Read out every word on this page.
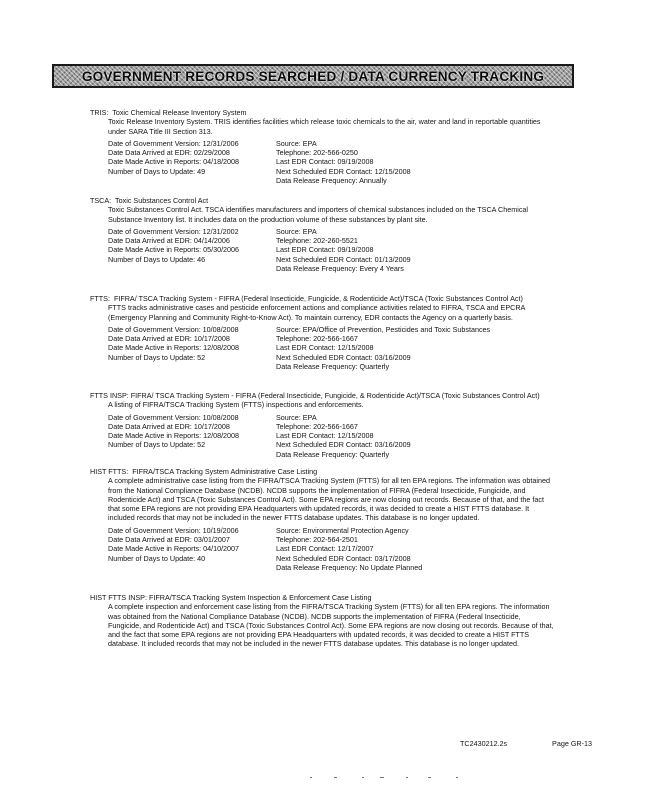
GOVERNMENT RECORDS SEARCHED / DATA CURRENCY TRACKING
TRIS: Toxic Chemical Release Inventory System
Toxic Release Inventory System. TRIS identifies facilities which release toxic chemicals to the air, water and land in reportable quantities under SARA Title III Section 313.
Date of Government Version: 12/31/2006	Source: EPA
Date Data Arrived at EDR: 02/29/2008	Telephone: 202-566-0250
Date Made Active in Reports: 04/18/2008	Last EDR Contact: 09/19/2008
Number of Days to Update: 49	Next Scheduled EDR Contact: 12/15/2008
Data Release Frequency: Annually
TSCA: Toxic Substances Control Act
Toxic Substances Control Act. TSCA identifies manufacturers and importers of chemical substances included on the TSCA Chemical Substance Inventory list. It includes data on the production volume of these substances by plant site.
Date of Government Version: 12/31/2002	Source: EPA
Date Data Arrived at EDR: 04/14/2006	Telephone: 202-260-5521
Date Made Active in Reports: 05/30/2006	Last EDR Contact: 09/19/2008
Number of Days to Update: 46	Next Scheduled EDR Contact: 01/13/2009
Data Release Frequency: Every 4 Years
FTTS: FIFRA/ TSCA Tracking System - FIFRA (Federal Insecticide, Fungicide, & Rodenticide Act)/TSCA (Toxic Substances Control Act)
FTTS tracks administrative cases and pesticide enforcement actions and compliance activities related to FIFRA, TSCA and EPCRA (Emergency Planning and Community Right-to-Know Act). To maintain currency, EDR contacts the Agency on a quarterly basis.
Date of Government Version: 10/08/2008	Source: EPA/Office of Prevention, Pesticides and Toxic Substances
Date Data Arrived at EDR: 10/17/2008	Telephone: 202-566-1667
Date Made Active in Reports: 12/08/2008	Last EDR Contact: 12/15/2008
Number of Days to Update: 52	Next Scheduled EDR Contact: 03/16/2009
Data Release Frequency: Quarterly
FTTS INSP: FIFRA/ TSCA Tracking System - FIFRA (Federal Insecticide, Fungicide, & Rodenticide Act)/TSCA (Toxic Substances Control Act)
A listing of FIFRA/TSCA Tracking System (FTTS) inspections and enforcements.
Date of Government Version: 10/08/2008	Source: EPA
Date Data Arrived at EDR: 10/17/2008	Telephone: 202-566-1667
Date Made Active in Reports: 12/08/2008	Last EDR Contact: 12/15/2008
Number of Days to Update: 52	Next Scheduled EDR Contact: 03/16/2009
Data Release Frequency: Quarterly
HIST FTTS: FIFRA/TSCA Tracking System Administrative Case Listing
A complete administrative case listing from the FIFRA/TSCA Tracking System (FTTS) for all ten EPA regions. The information was obtained from the National Compliance Database (NCDB). NCDB supports the implementation of FIFRA (Federal Insecticide, Fungicide, and Rodenticide Act) and TSCA (Toxic Substances Control Act). Some EPA regions are now closing out records. Because of that, and the fact that some EPA regions are not providing EPA Headquarters with updated records, it was decided to create a HIST FTTS database. It included records that may not be included in the newer FTTS database updates. This database is no longer updated.
Date of Government Version: 10/19/2006	Source: Environmental Protection Agency
Date Data Arrived at EDR: 03/01/2007	Telephone: 202-564-2501
Date Made Active in Reports: 04/10/2007	Last EDR Contact: 12/17/2007
Number of Days to Update: 40	Next Scheduled EDR Contact: 03/17/2008
Data Release Frequency: No Update Planned
HIST FTTS INSP: FIFRA/TSCA Tracking System Inspection & Enforcement Case Listing
A complete inspection and enforcement case listing from the FIFRA/TSCA Tracking System (FTTS) for all ten EPA regions. The information was obtained from the National Compliance Database (NCDB). NCDB supports the implementation of FIFRA (Federal Insecticide, Fungicide, and Rodenticide Act) and TSCA (Toxic Substances Control Act). Some EPA regions are now closing out records. Because of that, and the fact that some EPA regions are not providing EPA Headquarters with updated records, it was decided to create a HIST FTTS database. It included records that may not be included in the newer FTTS database updates. This database is no longer updated.
TC2430212.2s	Page GR-13
